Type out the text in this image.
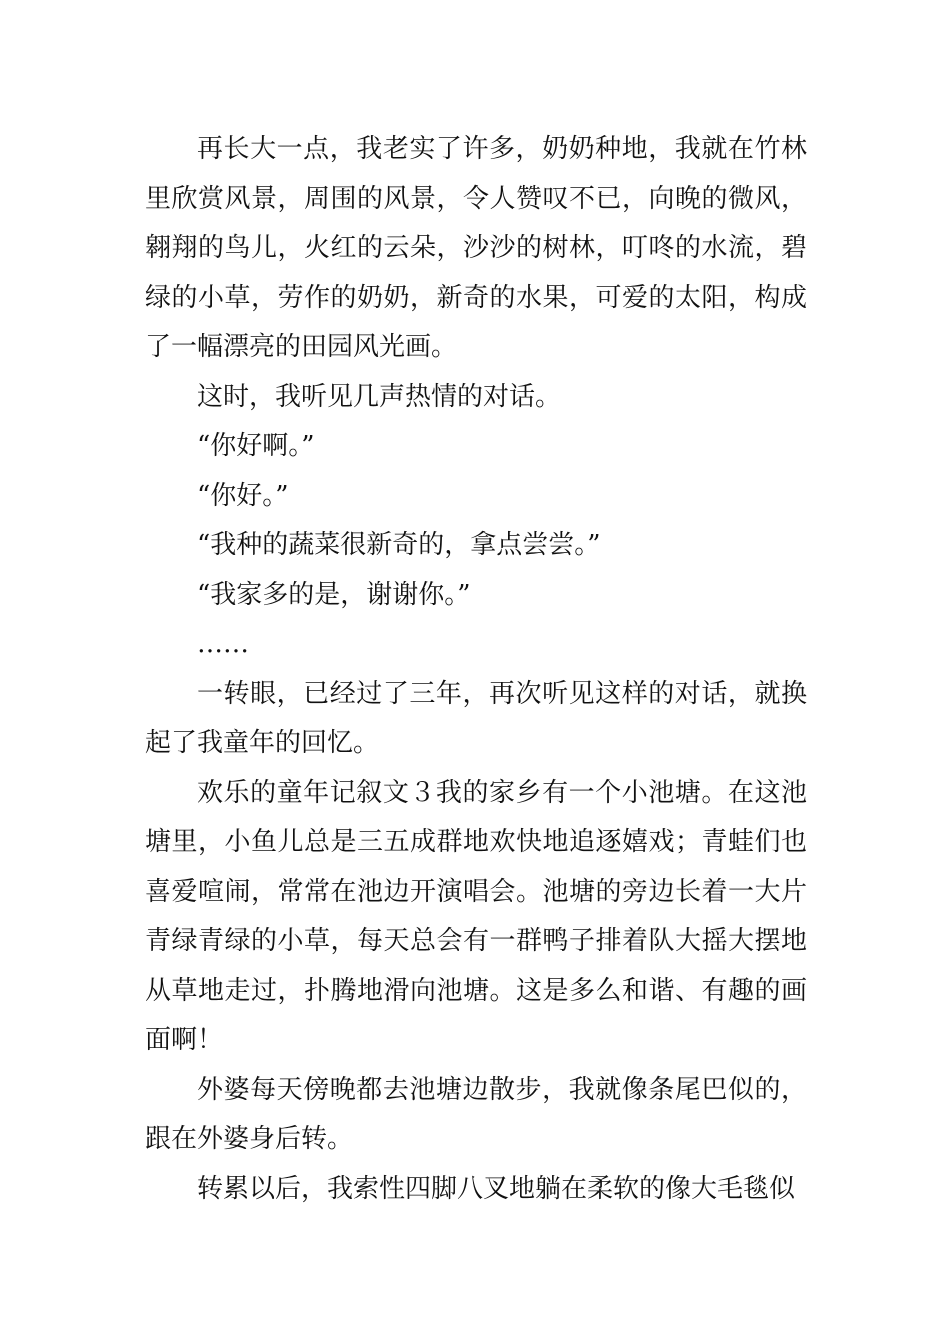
再长大一点，我老实了许多，奶奶种地，我就在竹林里欣赏风景，周围的风景，令人赞叹不已，向晚的微风，翱翔的鸟儿，火红的云朵，沙沙的树林，叮咚的水流，碧绿的小草，劳作的奶奶，新奇的水果，可爱的太阳，构成了一幅漂亮的田园风光画。

这时，我听见几声热情的对话。

“你好啊。”

“你好。”

“我种的蔬菜很新奇的，拿点尝尝。”

“我家多的是，谢谢你。”

……

一转眼，已经过了三年，再次听见这样的对话，就换起了我童年的回忆。

欢乐的童年记叙文３我的家乡有一个小池塘。在这池塘里，小鱼儿总是三五成群地欢快地追逐嬉戏；青蛙们也喜爱喧闹，常常在池边开演唱会。池塘的旁边长着一大片青绿青绿的小草，每天总会有一群鸭子排着队大摇大摆地从草地走过，扑腾地滑向池塘。这是多么和谐、有趣的画面啊！

外婆每天傍晚都去池塘边散步，我就像条尾巴似的，跟在外婆身后转。

转累以后，我索性四脚八叉地躺在柔软的像大毛毯似
